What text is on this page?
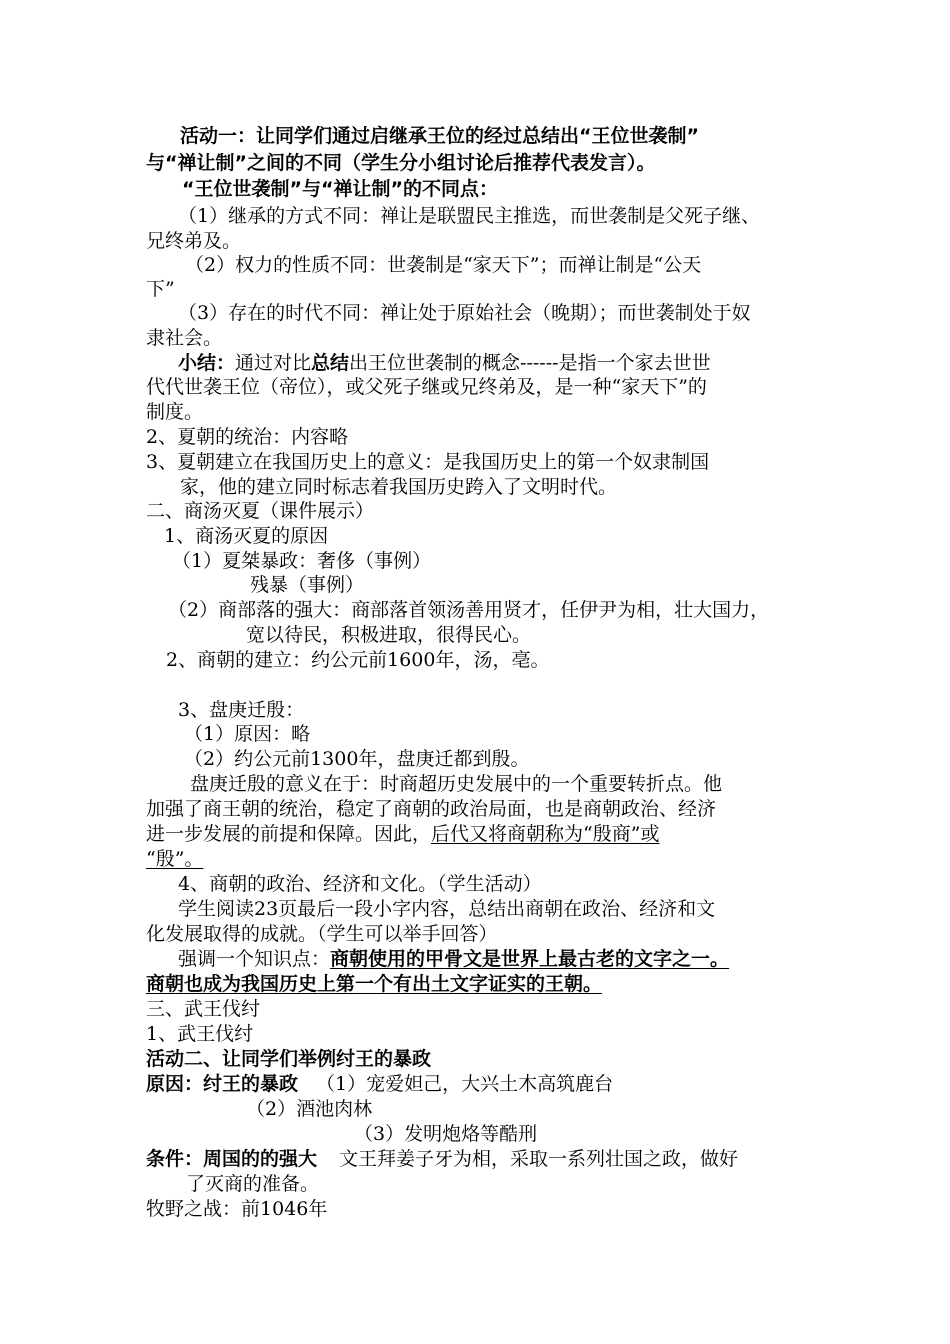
活动一：让同学们通过启继承王位的经过总结出“王位世袭制”
与“禅让制”之间的不同（学生分小组讨论后推荐代表发言）。
“王位世袭制”与“禅让制”的不同点：
（1）继承的方式不同：禅让是联盟民主推选，而世袭制是父死子继、
兄终弟及。
（2）权力的性质不同：世袭制是“家天下”；而禅让制是“公天
下”
（3）存在的时代不同：禅让处于原始社会（晚期）；而世袭制处于奴
隶社会。
小结：通过对比总结出王位世袭制的概念------是指一个家去世世
代代世袭王位（帝位），或父死子继或兄终弟及，是一种“家天下”的
制度。
2、夏朝的统治：内容略
3、夏朝建立在我国历史上的意义：是我国历史上的第一个奴隶制国
家，他的建立同时标志着我国历史跨入了文明时代。
二、商汤灭夏（课件展示）
1、商汤灭夏的原因
（1）夏桀暴政：奢侈（事例）
残暴（事例）
（2）商部落的强大：商部落首领汤善用贤才，任伊尹为相，壮大国力，
宽以待民，积极进取，很得民心。
2、商朝的建立：约公元前1600年，汤，亳。
3、盘庚迁殷：
（1）原因：略
（2）约公元前1300年，盘庚迁都到殷。
盘庚迁殷的意义在于：时商超历史发展中的一个重要转折点。他
加强了商王朝的统治，稳定了商朝的政治局面，也是商朝政治、经济
进一步发展的前提和保障。因此，后代又将商朝称为“殷商”或
“殷”。
4、商朝的政治、经济和文化。（学生活动）
学生阅读23页最后一段小字内容，总结出商朝在政治、经济和文
化发展取得的成就。（学生可以举手回答）
强调一个知识点：商朝使用的甲骨文是世界上最古老的文字之一。
商朝也成为我国历史上第一个有出土文字证实的王朝。
三、武王伐纣
1、武王伐纣
活动二、让同学们举例纣王的暴政
原因：纣王的暴政 （1）宠爱妲己，大兴土木高筑鹿台
（2）酒池肉林
（3）发明炮烙等酷刑
条件：周国的的强大 文王拜姜子牙为相，采取一系列壮国之政，做好
了灭商的准备。
牧野之战：前1046年
